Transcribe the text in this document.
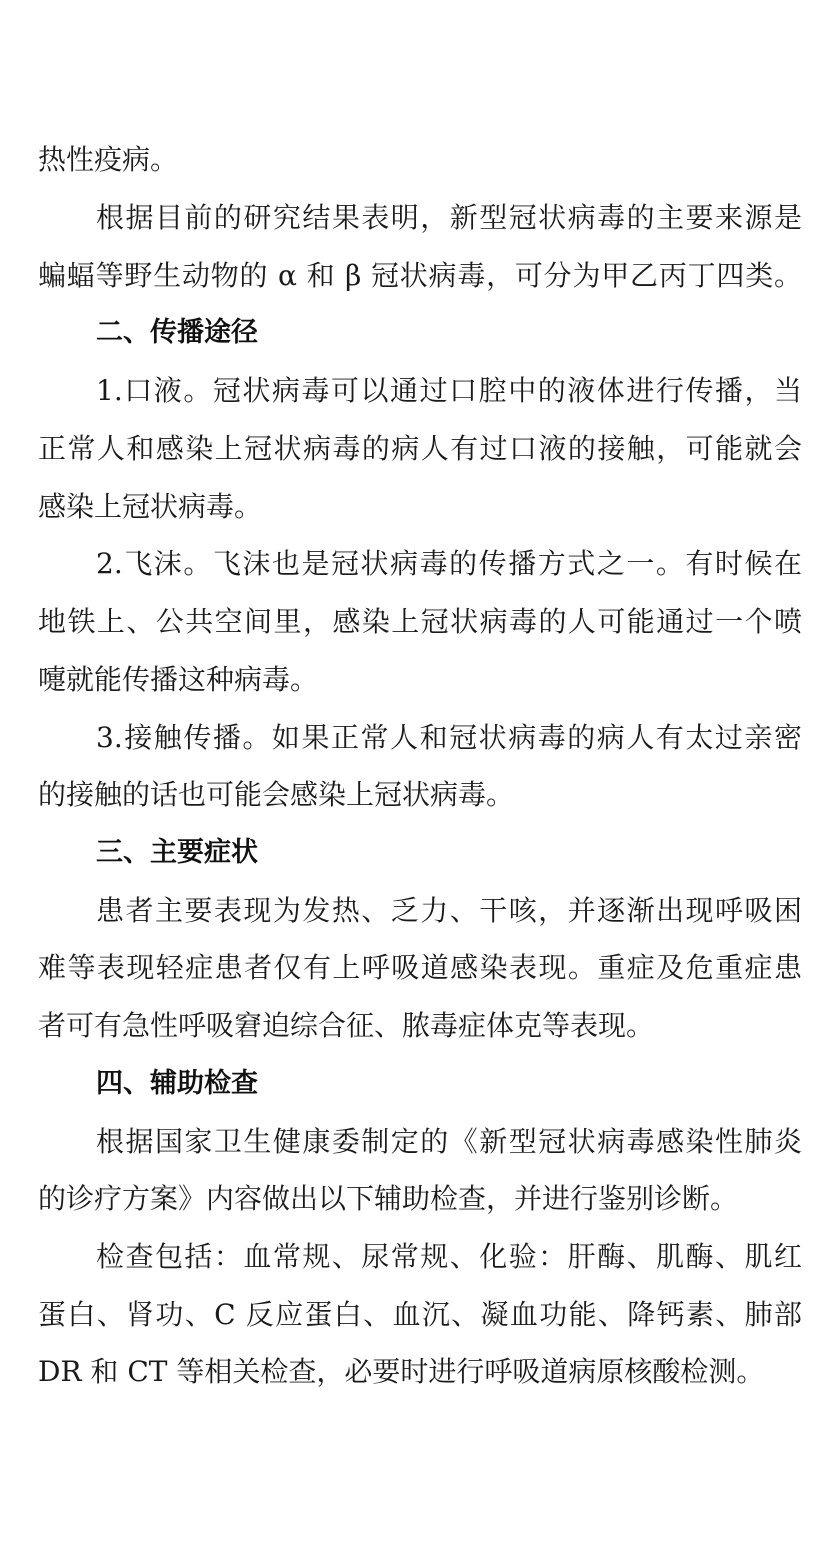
热性疫病。
根据目前的研究结果表明，新型冠状病毒的主要来源是
蝙蝠等野生动物的 α 和 β 冠状病毒，可分为甲乙丙丁四类。
二、传播途径
1.口液。冠状病毒可以通过口腔中的液体进行传播，当
正常人和感染上冠状病毒的病人有过口液的接触，可能就会
感染上冠状病毒。
2.飞沫。飞沫也是冠状病毒的传播方式之一。有时候在
地铁上、公共空间里，感染上冠状病毒的人可能通过一个喷
嚏就能传播这种病毒。
3.接触传播。如果正常人和冠状病毒的病人有太过亲密
的接触的话也可能会感染上冠状病毒。
三、主要症状
患者主要表现为发热、乏力、干咳，并逐渐出现呼吸困
难等表现轻症患者仅有上呼吸道感染表现。重症及危重症患
者可有急性呼吸窘迫综合征、脓毒症体克等表现。
四、辅助检查
根据国家卫生健康委制定的《新型冠状病毒感染性肺炎
的诊疗方案》内容做出以下辅助检查，并进行鉴别诊断。
检查包括：血常规、尿常规、化验：肝酶、肌酶、肌红
蛋白、肾功、C 反应蛋白、血沉、凝血功能、降钙素、肺部
DR 和 CT 等相关检查，必要时进行呼吸道病原核酸检测。
